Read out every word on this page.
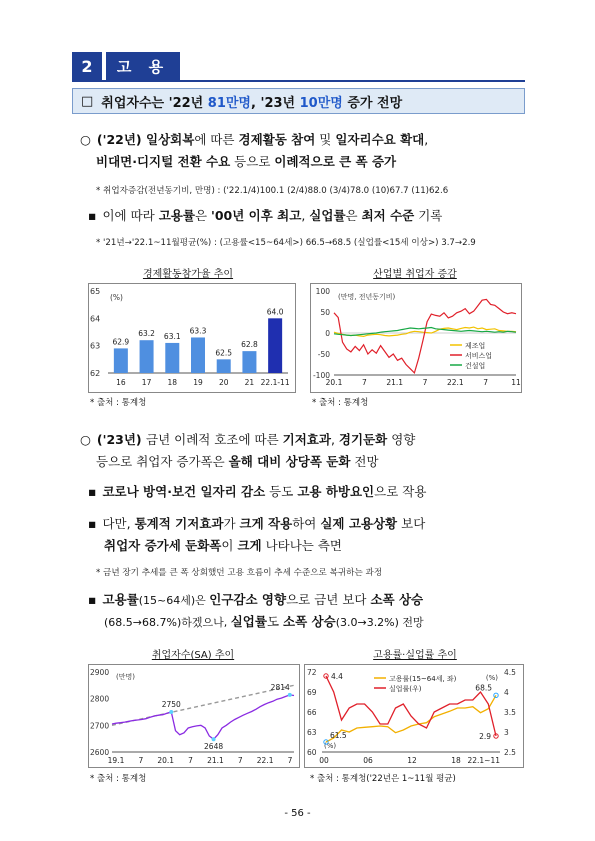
2	고 용
□ 취업자수는 '22년 81만명 , '23년 10만명 증가 전망
○ ('22년) 일상회복에 따른 경제활동 참여 및 일자리수요 확대,
비대면·디지털 전환 수요 등으로 이례적으로 큰 폭 증가
* 취업자증감(전년동기비, 만명) : ('22.1/4)100.1 (2/4)88.0 (3/4)78.0 (10)67.7 (11)62.6
▪ 이에 따라 고용률은 '00년 이후 최고, 실업률은 최저 수준 기록
* '21년→'22.1~11월평균(%) : (고용률<15~64세>) 66.5→68.5 (실업률<15세 이상>) 3.7→2.9
경제활동참가율 추이	산업별 취업자 증감
62
63
64
65
(%)
62.9
16
63.2
17
63.1
18
63.3
19
62.5
20
62.8
21
64.0
22.1-11
* 출처 : 통계청
100
50
0
-50
-100
(만명, 전년동기비)
20.1	7	21.1	7	22.1	7	11
제조업
서비스업
건설업
* 출처 : 통계청
○ ('23년) 금년 이례적 호조에 따른 기저효과, 경기둔화 영향
등으로 취업자 증가폭은 올해 대비 상당폭 둔화 전망
▪ 코로나 방역·보건 일자리 감소 등도 고용 하방요인으로 작용
▪ 다만, 통계적 기저효과가 크게 작용하여 실제 고용상황 보다
취업자 증가세 둔화폭이 크게 나타나는 측면
* 금년 장기 추세를 큰 폭 상회했던 고용 흐름이 추세 수준으로 복귀하는 과정
▪ 고용률(15~64세)은 인구감소 영향으로 금년 보다 소폭 상승
(68.5→68.7%)하겠으나, 실업률도 소폭 상승(3.0→3.2%) 전망
취업자수(SA) 추이	고용률·실업률 추이
2900
2800
2700
2600
(만명)
19.1 7 20.1 7 21.1 7 22.1 7
2750
2648
2814
* 출처 : 통계청
72
69
66
63
60
4.5
4
3.5
3
2.5
(%)
(%)
00	06	12	18 22.1~11
61.5
68.5
4.4
2.9
고용률(15~64세, 좌)
실업률(우)
* 출처 : 통계청('22년은 1~11월 평균)
- 56 -
